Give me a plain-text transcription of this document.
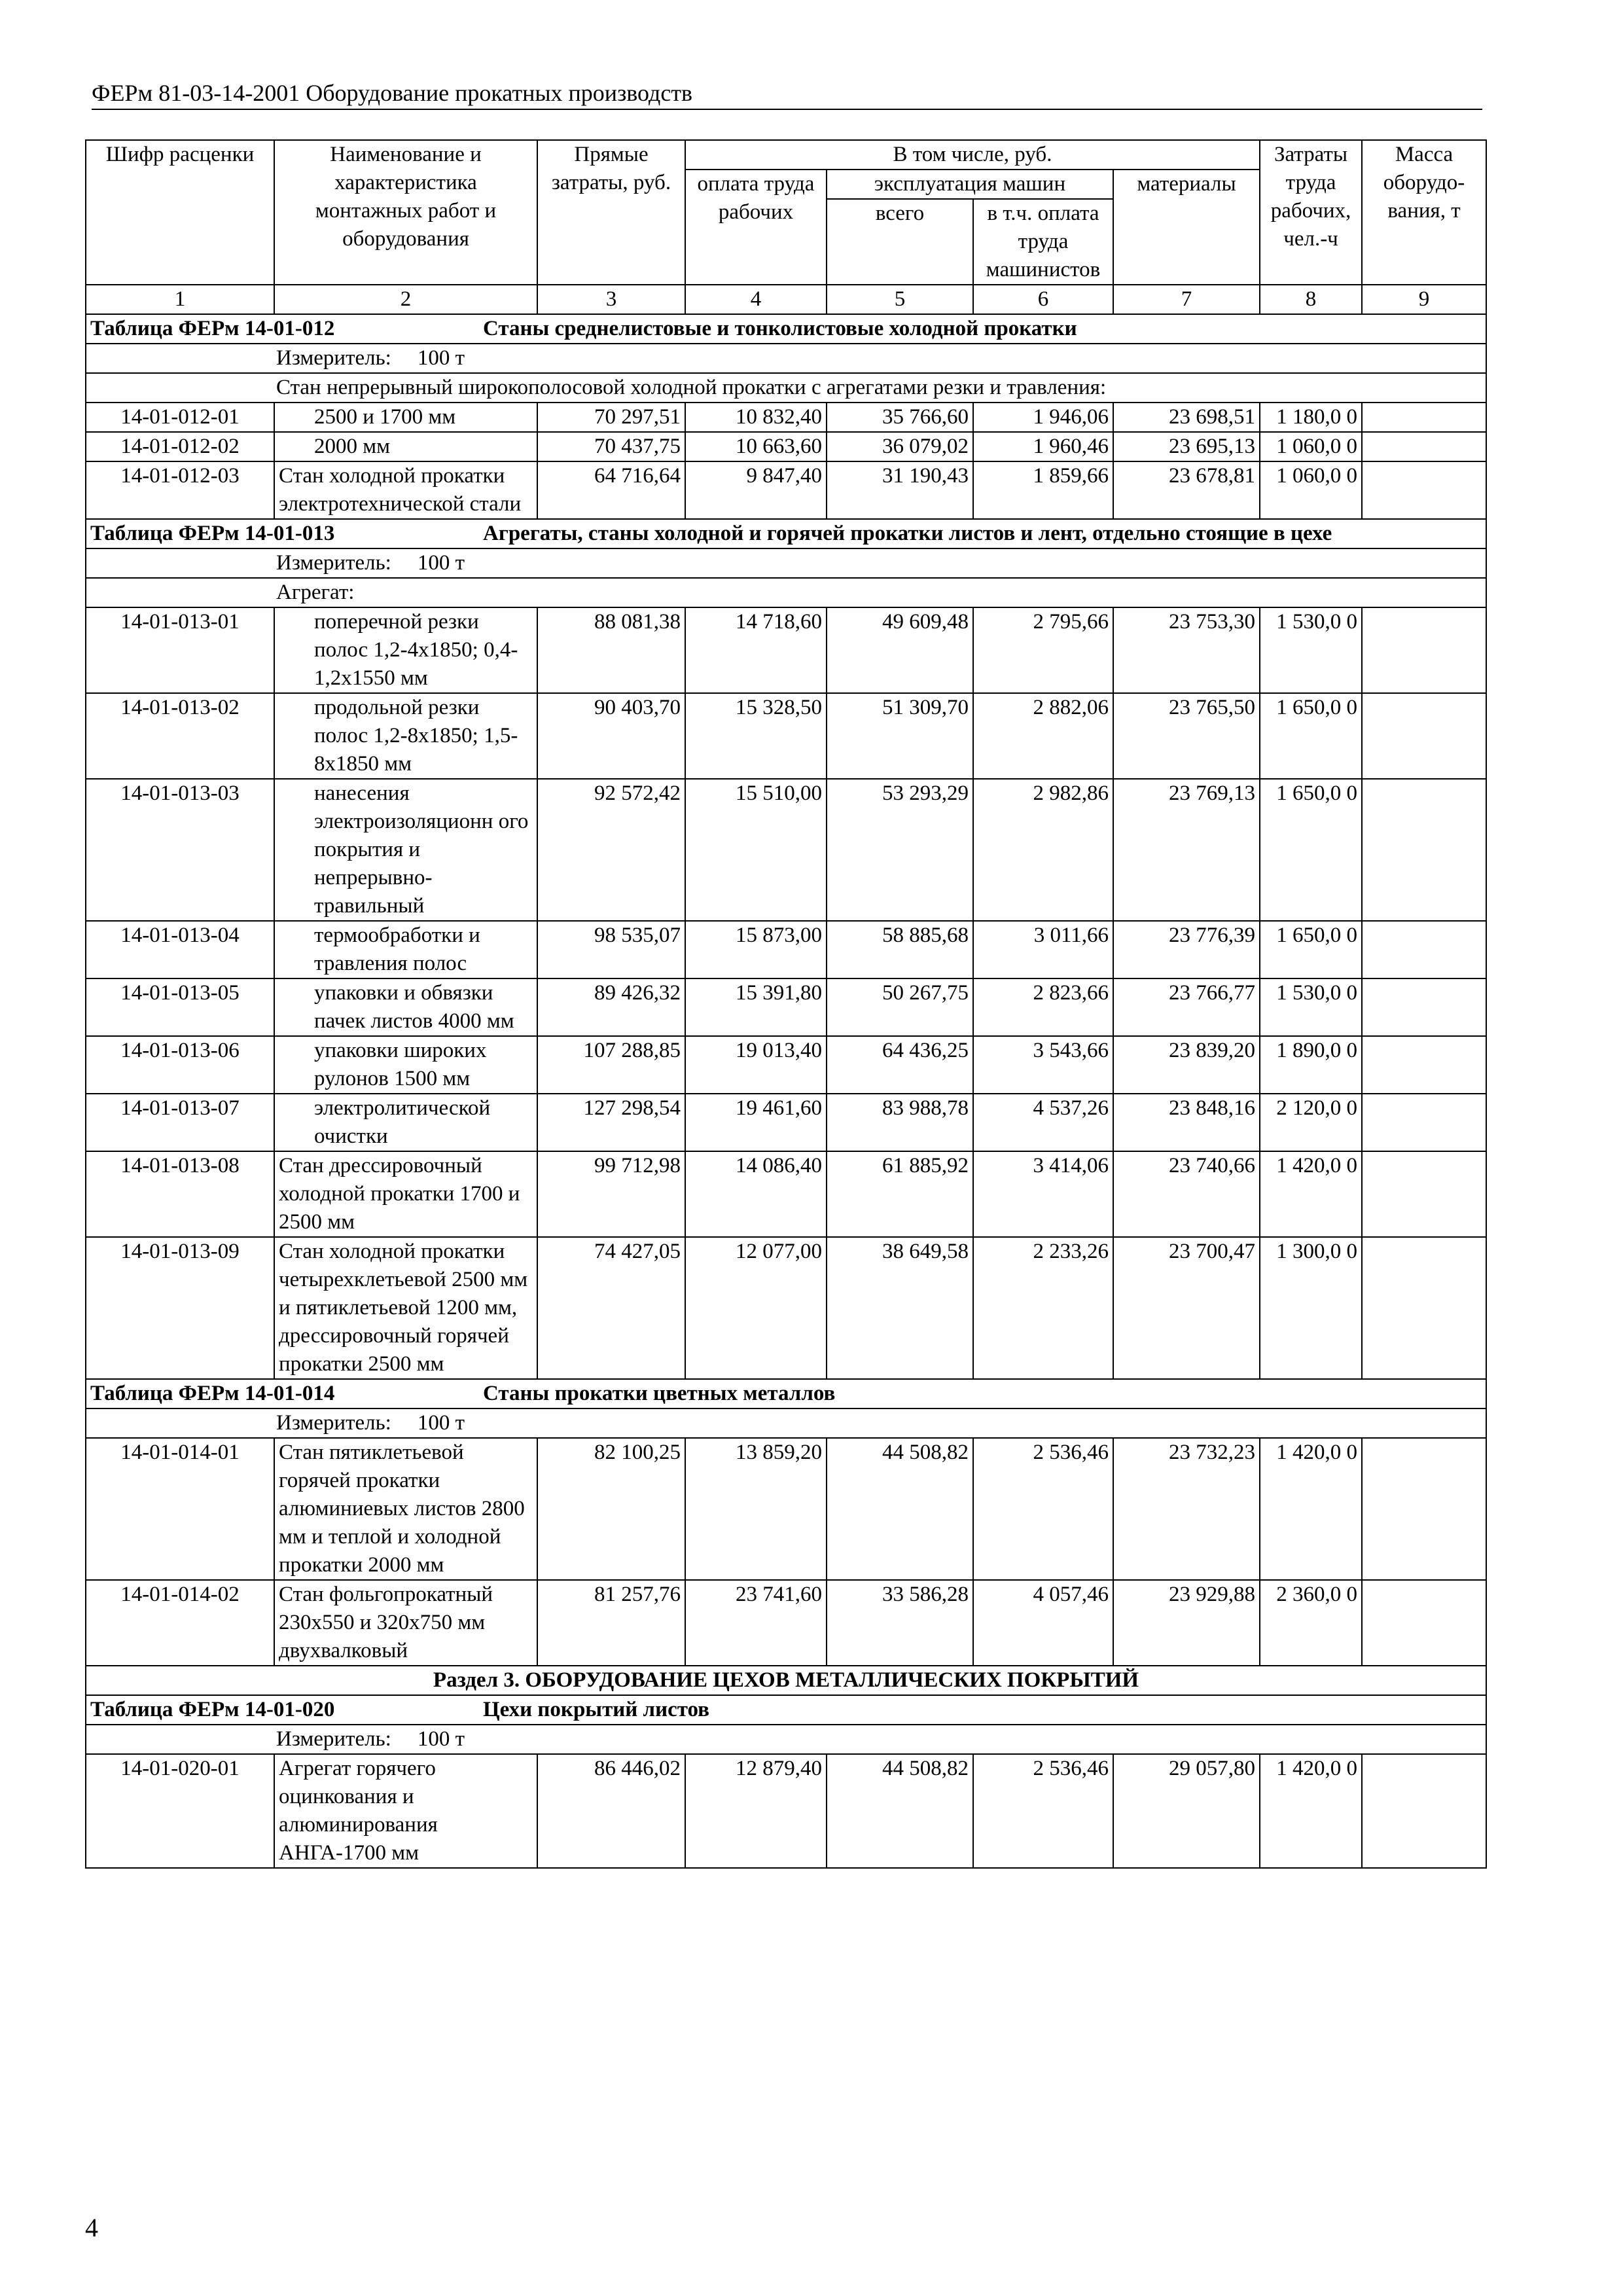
ФЕРм 81-03-14-2001 Оборудование прокатных производств
Шифр расценки	Наименование и характеристика монтажных работ и оборудования	Прямые затраты, руб.	В том числе, руб.				Затраты труда рабочих, чел.-ч	Масса оборудо-вания, т
			оплата труда рабочих	эксплуатация машин		материалы		
				всего	в т.ч. оплата труда машинистов			
1	2	3	4	5	6	7	8	9
Таблица ФЕРм 14-01-012 Станы среднелистовые и тонколистовые холодной прокатки								
Измеритель: 100 т								
Стан непрерывный широкополосовой холодной прокатки с агрегатами резки и травления:								
14-01-012-01	2500 и 1700 мм	70 297,51	10 832,40	35 766,60	1 946,06	23 698,51	1 180,0 0	
14-01-012-02	2000 мм	70 437,75	10 663,60	36 079,02	1 960,46	23 695,13	1 060,0 0	
14-01-012-03	Стан холодной прокатки электротехнической стали	64 716,64	9 847,40	31 190,43	1 859,66	23 678,81	1 060,0 0	
Таблица ФЕРм 14-01-013 Агрегаты, станы холодной и горячей прокатки листов и лент, отдельно стоящие в цехе								
Измеритель: 100 т								
Агрегат:								
14-01-013-01	поперечной резки полос 1,2-4x1850; 0,4-1,2x1550 мм	88 081,38	14 718,60	49 609,48	2 795,66	23 753,30	1 530,0 0	
14-01-013-02	продольной резки полос 1,2-8x1850; 1,5-8x1850 мм	90 403,70	15 328,50	51 309,70	2 882,06	23 765,50	1 650,0 0	
14-01-013-03	нанесения электроизоляционн ого покрытия и непрерывно-травильный	92 572,42	15 510,00	53 293,29	2 982,86	23 769,13	1 650,0 0	
14-01-013-04	термообработки и травления полос	98 535,07	15 873,00	58 885,68	3 011,66	23 776,39	1 650,0 0	
14-01-013-05	упаковки и обвязки пачек листов 4000 мм	89 426,32	15 391,80	50 267,75	2 823,66	23 766,77	1 530,0 0	
14-01-013-06	упаковки широких рулонов 1500 мм	107 288,85	19 013,40	64 436,25	3 543,66	23 839,20	1 890,0 0	
14-01-013-07	электролитической очистки	127 298,54	19 461,60	83 988,78	4 537,26	23 848,16	2 120,0 0	
14-01-013-08	Стан дрессировочный холодной прокатки 1700 и 2500 мм	99 712,98	14 086,40	61 885,92	3 414,06	23 740,66	1 420,0 0	
14-01-013-09	Стан холодной прокатки четырехклетьевой 2500 мм и пятиклетьевой 1200 мм, дрессировочный горячей прокатки 2500 мм	74 427,05	12 077,00	38 649,58	2 233,26	23 700,47	1 300,0 0	
Таблица ФЕРм 14-01-014 Станы прокатки цветных металлов								
Измеритель: 100 т								
14-01-014-01	Стан пятиклетьевой горячей прокатки алюминиевых листов 2800 мм и теплой и холодной прокатки 2000 мм	82 100,25	13 859,20	44 508,82	2 536,46	23 732,23	1 420,0 0	
14-01-014-02	Стан фольгопрокатный 230x550 и 320x750 мм двухвалковый	81 257,76	23 741,60	33 586,28	4 057,46	23 929,88	2 360,0 0	
Раздел 3. ОБОРУДОВАНИЕ ЦЕХОВ МЕТАЛЛИЧЕСКИХ ПОКРЫТИЙ								
Таблица ФЕРм 14-01-020 Цехи покрытий листов								
Измеритель: 100 т								
14-01-020-01	Агрегат горячего оцинкования и алюминирования АНГА-1700 мм	86 446,02	12 879,40	44 508,82	2 536,46	29 057,80	1 420,0 0	
4
